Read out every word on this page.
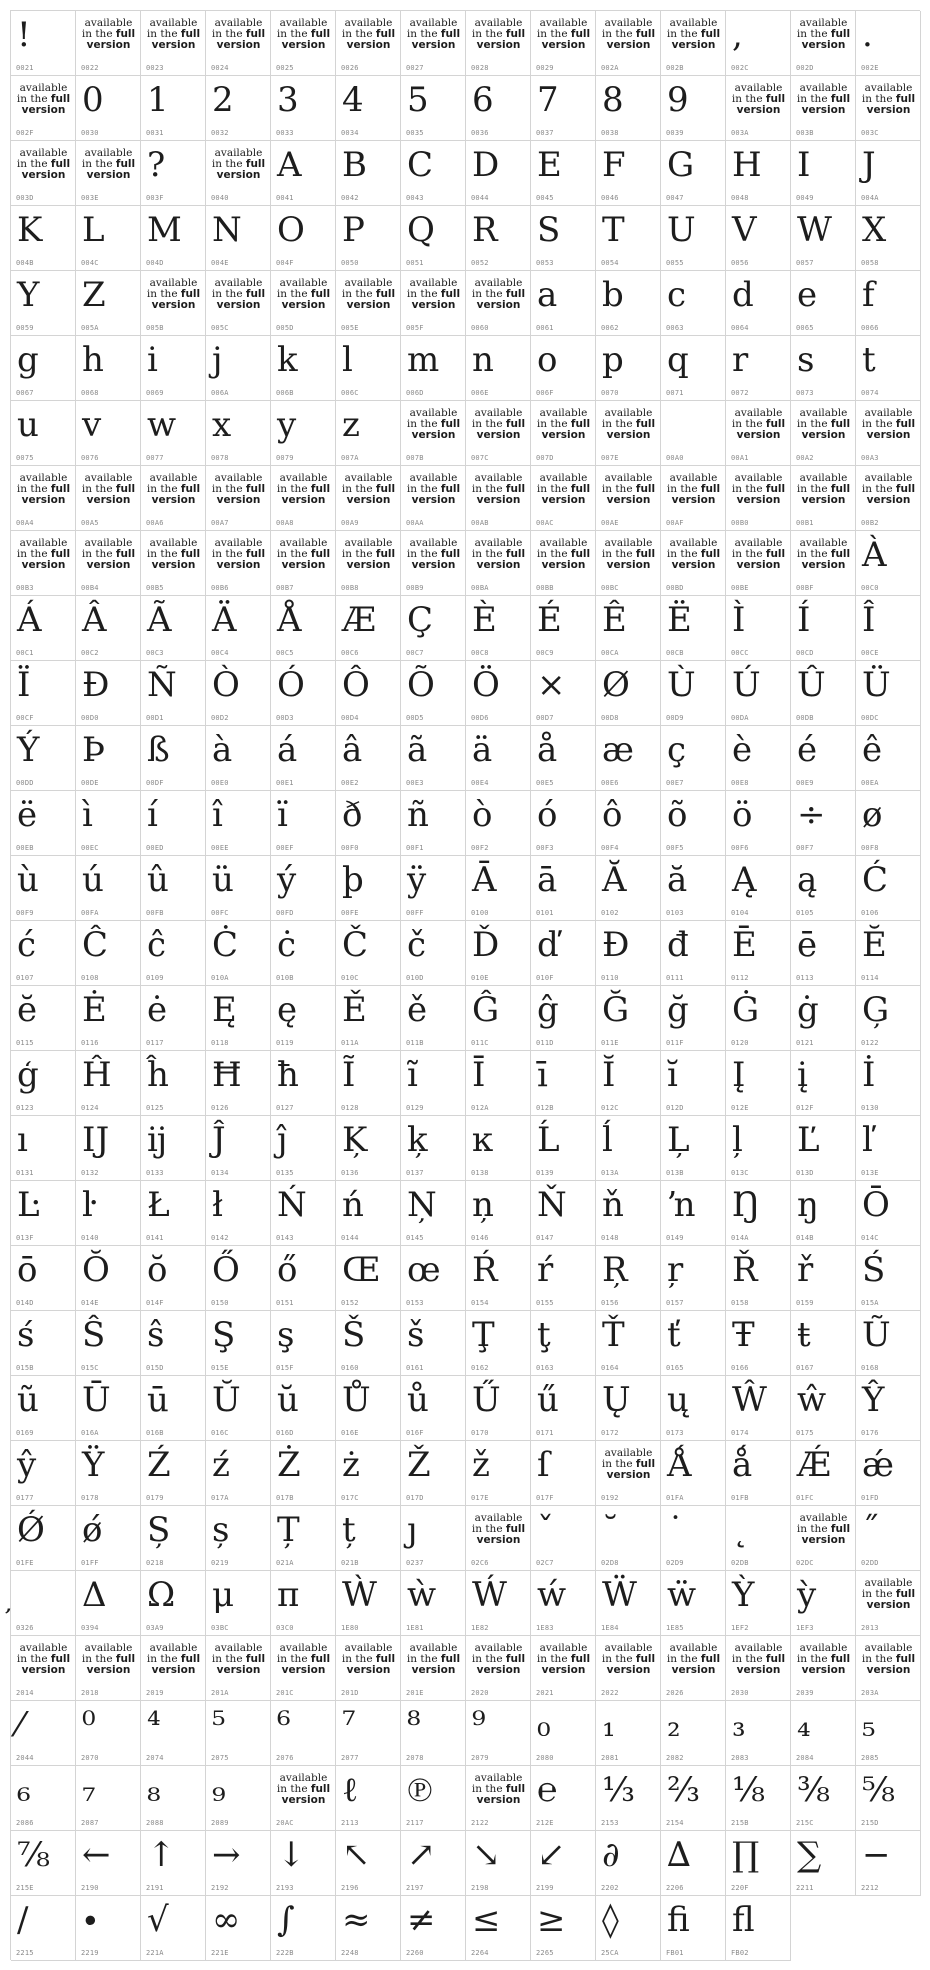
!
0021
available
in the full
version
0022
available
in the full
version
0023
available
in the full
version
0024
available
in the full
version
0025
available
in the full
version
0026
available
in the full
version
0027
available
in the full
version
0028
available
in the full
version
0029
available
in the full
version
002A
available
in the full
version
002B
,
002C
available
in the full
version
002D
.
002E
available
in the full
version
002F
0
0030
1
0031
2
0032
3
0033
4
0034
5
0035
6
0036
7
0037
8
0038
9
0039
available
in the full
version
003A
available
in the full
version
003B
available
in the full
version
003C
available
in the full
version
003D
available
in the full
version
003E
?
003F
available
in the full
version
0040
A
0041
B
0042
C
0043
D
0044
E
0045
F
0046
G
0047
H
0048
I
0049
J
004A
K
004B
L
004C
M
004D
N
004E
O
004F
P
0050
Q
0051
R
0052
S
0053
T
0054
U
0055
V
0056
W
0057
X
0058
Y
0059
Z
005A
available
in the full
version
005B
available
in the full
version
005C
available
in the full
version
005D
available
in the full
version
005E
available
in the full
version
005F
available
in the full
version
0060
a
0061
b
0062
c
0063
d
0064
e
0065
f
0066
g
0067
h
0068
i
0069
j
006A
k
006B
l
006C
m
006D
n
006E
o
006F
p
0070
q
0071
r
0072
s
0073
t
0074
u
0075
v
0076
w
0077
x
0078
y
0079
z
007A
available
in the full
version
007B
available
in the full
version
007C
available
in the full
version
007D
available
in the full
version
007E	00A0
available
in the full
version
00A1
available
in the full
version
00A2
available
in the full
version
00A3
available
in the full
version
00A4
available
in the full
version
00A5
available
in the full
version
00A6
available
in the full
version
00A7
available
in the full
version
00A8
available
in the full
version
00A9
available
in the full
version
00AA
available
in the full
version
00AB
available
in the full
version
00AC
available
in the full
version
00AE
available
in the full
version
00AF
available
in the full
version
00B0
available
in the full
version
00B1
available
in the full
version
00B2
available
in the full
version
00B3
available
in the full
version
00B4
available
in the full
version
00B5
available
in the full
version
00B6
available
in the full
version
00B7
available
in the full
version
00B8
available
in the full
version
00B9
available
in the full
version
00BA
available
in the full
version
00BB
available
in the full
version
00BC
available
in the full
version
00BD
available
in the full
version
00BE
available
in the full
version
00BF
À
00C0
Á
00C1
Â
00C2
Ã
00C3
Ä
00C4
Å
00C5
Æ
00C6
Ç
00C7
È
00C8
É
00C9
Ê
00CA
Ë
00CB
Ì
00CC
Í
00CD
Î
00CE
Ï
00CF
Đ
00D0
Ñ
00D1
Ò
00D2
Ó
00D3
Ô
00D4
Õ
00D5
Ö
00D6
×
00D7
Ø
00D8
Ù
00D9
Ú
00DA
Û
00DB
Ü
00DC
Ý
00DD
Þ
00DE
ß
00DF
à
00E0
á
00E1
â
00E2
ã
00E3
ä
00E4
å
00E5
æ
00E6
ç
00E7
è
00E8
é
00E9
ê
00EA
ë
00EB
ì
00EC
í
00ED
î
00EE
ï
00EF
ð
00F0
ñ
00F1
ò
00F2
ó
00F3
ô
00F4
õ
00F5
ö
00F6
÷
00F7
ø
00F8
ù
00F9
ú
00FA
û
00FB
ü
00FC
ý
00FD
þ
00FE
ÿ
00FF
Ā
0100
ā
0101
Ă
0102
ă
0103
Ą
0104
ą
0105
Ć
0106
ć
0107
Ĉ
0108
ĉ
0109
Ċ
010A
ċ
010B
Č
010C
č
010D
Ď
010E
ď
010F
Đ
0110
đ
0111
Ē
0112
ē
0113
Ĕ
0114
ĕ
0115
Ė
0116
ė
0117
Ę
0118
ę
0119
Ě
011A
ě
011B
Ĝ
011C
ĝ
011D
Ğ
011E
ğ
011F
Ġ
0120
ġ
0121
Ģ
0122
ģ
0123
Ĥ
0124
ĥ
0125
Ħ
0126
ħ
0127
Ĩ
0128
ĩ
0129
Ī
012A
ī
012B
Ĭ
012C
ĭ
012D
Į
012E
į
012F
İ
0130
ı
0131
Ĳ
0132
ĳ
0133
Ĵ
0134
ĵ
0135
Ķ
0136
ķ
0137
ĸ
0138
Ĺ
0139
ĺ
013A
Ļ
013B
ļ
013C
Ľ
013D
ľ
013E
Ŀ
013F
ŀ
0140
Ł
0141
ł
0142
Ń
0143
ń
0144
Ņ
0145
ņ
0146
Ň
0147
ň
0148
ŉ
0149
Ŋ
014A
ŋ
014B
Ō
014C
ō
014D
Ŏ
014E
ŏ
014F
Ő
0150
ő
0151
Œ
0152
œ
0153
Ŕ
0154
ŕ
0155
Ŗ
0156
ŗ
0157
Ř
0158
ř
0159
Ś
015A
ś
015B
Ŝ
015C
ŝ
015D
Ş
015E
ş
015F
Š
0160
š
0161
Ţ
0162
ţ
0163
Ť
0164
ť
0165
Ŧ
0166
ŧ
0167
Ũ
0168
ũ
0169
Ū
016A
ū
016B
Ŭ
016C
ŭ
016D
Ů
016E
ů
016F
Ű
0170
ű
0171
Ų
0172
ų
0173
Ŵ
0174
ŵ
0175
Ŷ
0176
ŷ
0177
Ÿ
0178
Ź
0179
ź
017A
Ż
017B
ż
017C
Ž
017D
ž
017E
ſ
017F
available
in the full
version
0192
Ǻ
01FA
ǻ
01FB
Ǽ
01FC
ǽ
01FD
Ǿ
01FE
ǿ
01FF
Ș
0218
ș
0219
Ț
021A
ț
021B
ȷ
0237
available
in the full
version
02C6
ˇ
02C7
˘
02D8
˙
02D9
˛
02DB
available
in the full
version
02DC
˝
02DD
0326
Δ
0394
Ω
03A9
μ
03BC
π
03C0
Ẁ
1E80
ẁ
1E81
Ẃ
1E82
ẃ
1E83
Ẅ
1E84
ẅ
1E85
Ỳ
1EF2
ỳ
1EF3
available
in the full
version
2013
available
in the full
version
2014
available
in the full
version
2018
available
in the full
version
2019
available
in the full
version
201A
available
in the full
version
201C
available
in the full
version
201D
available
in the full
version
201E
available
in the full
version
2020
available
in the full
version
2021
available
in the full
version
2022
available
in the full
version
2026
available
in the full
version
2030
available
in the full
version
2039
available
in the full
version
203A
⁄
2044
⁰
2070
⁴
2074
⁵
2075
⁶
2076
⁷
2077
⁸
2078
⁹
2079
₀
2080
₁
2081
₂
2082
₃
2083
₄
2084
₅
2085
₆
2086
₇
2087
₈
2088
₉
2089
available
in the full
version
20AC
ℓ
2113
℗
2117
available
in the full
version
2122
℮
212E
⅓
2153
⅔
2154
⅛
215B
⅜
215C
⅝
215D
⅞
215E
←
2190
↑
2191
→
2192
↓
2193
↖
2196
↗
2197
↘
2198
↙
2199
∂
2202
∆
2206
∏
220F
∑
2211
−
2212
∕
2215
∙
2219
√
221A
∞
221E
∫
222B
≈
2248
≠
2260
≤
2264
≥
2265
◊
25CA
ﬁ
FB01
ﬂ
FB02
